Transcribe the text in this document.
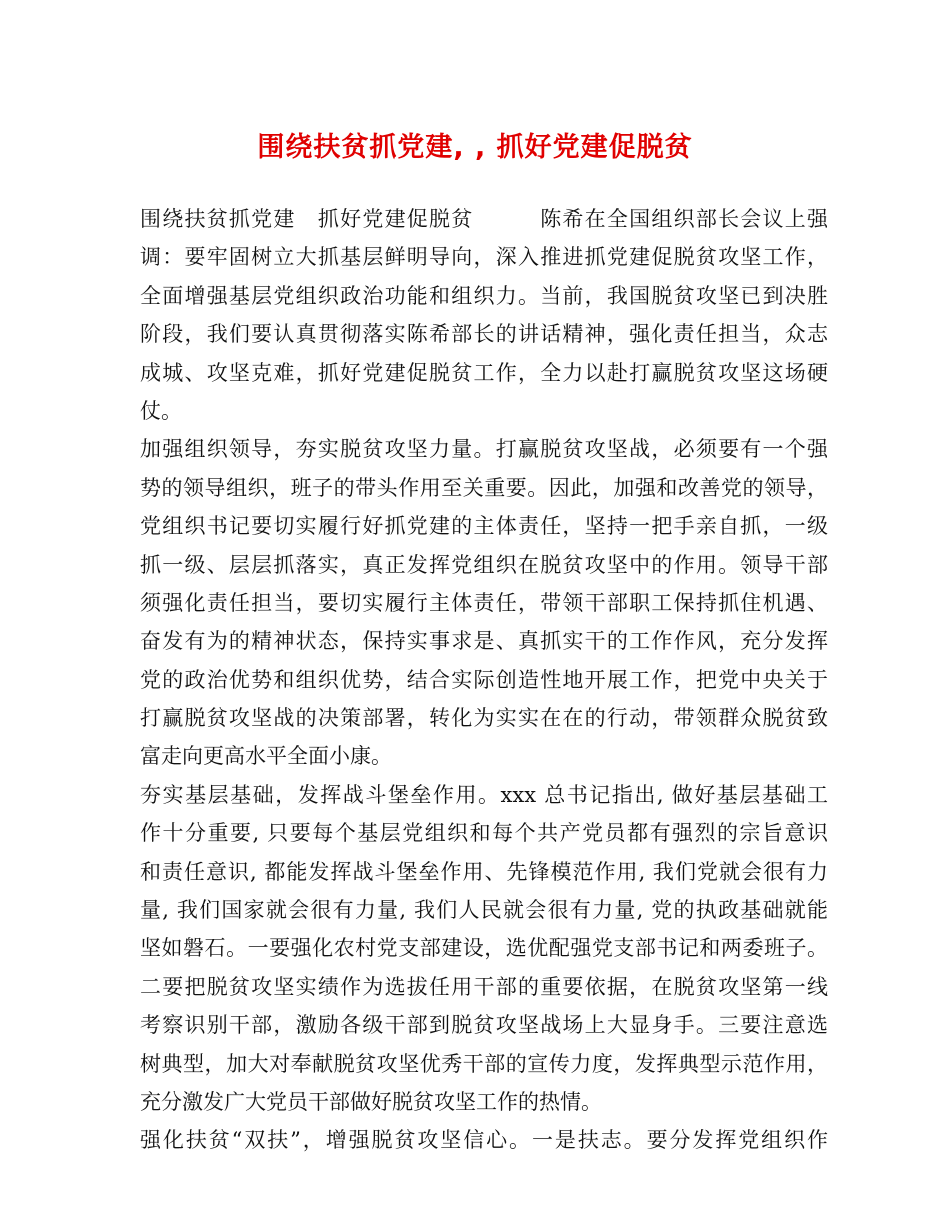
围绕扶贫抓党建, , 抓好党建促脱贫
围绕扶贫抓党建　抓好党建促脱贫　　　陈希在全国组织部长会议上强
调：要牢固树立大抓基层鲜明导向，深入推进抓党建促脱贫攻坚工作，
全面增强基层党组织政治功能和组织力。当前，我国脱贫攻坚已到决胜
阶段，我们要认真贯彻落实陈希部长的讲话精神，强化责任担当，众志
成城、攻坚克难，抓好党建促脱贫工作，全力以赴打赢脱贫攻坚这场硬
仗。
加强组织领导，夯实脱贫攻坚力量。打赢脱贫攻坚战，必须要有一个强
势的领导组织，班子的带头作用至关重要。因此，加强和改善党的领导，
党组织书记要切实履行好抓党建的主体责任，坚持一把手亲自抓，一级
抓一级、层层抓落实，真正发挥党组织在脱贫攻坚中的作用。领导干部
须强化责任担当，要切实履行主体责任，带领干部职工保持抓住机遇、
奋发有为的精神状态，保持实事求是、真抓实干的工作作风，充分发挥
党的政治优势和组织优势，结合实际创造性地开展工作，把党中央关于
打赢脱贫攻坚战的决策部署，转化为实实在在的行动，带领群众脱贫致
富走向更高水平全面小康。
夯实基层基础，发挥战斗堡垒作用。xxx 总书记指出, 做好基层基础工
作十分重要, 只要每个基层党组织和每个共产党员都有强烈的宗旨意识
和责任意识, 都能发挥战斗堡垒作用、先锋模范作用, 我们党就会很有力
量, 我们国家就会很有力量, 我们人民就会很有力量, 党的执政基础就能
坚如磐石。一要强化农村党支部建设，选优配强党支部书记和两委班子。
二要把脱贫攻坚实绩作为选拔任用干部的重要依据，在脱贫攻坚第一线
考察识别干部，激励各级干部到脱贫攻坚战场上大显身手。三要注意选
树典型，加大对奉献脱贫攻坚优秀干部的宣传力度，发挥典型示范作用，
充分激发广大党员干部做好脱贫攻坚工作的热情。
强化扶贫“双扶”，增强脱贫攻坚信心。一是扶志。要分发挥党组织作
